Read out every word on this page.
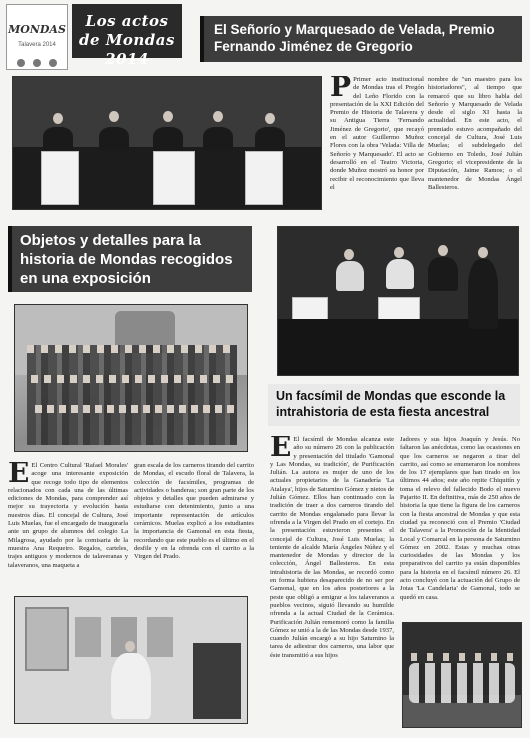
MONDAS
Talavera 2014

Los actos de Mondas 2014
El Señorío y Marquesado de Velada, Premio Fernando Jiménez de Gregorio
P Primer acto institucional de Mondas tras el Pregón del Leño Florido con la presentación de la XXI Edición del Premio de Historia de Talavera y su Antigua Tierra 'Fernando Jiménez de Gregorio', que recayó en el autor Guillermo Muñoz Flores con la obra 'Velada: Villa de Señorío y Marquesado'. El acto se desarrolló en el Teatro Victoria, donde Muñoz mostró su honor por recibir el reconocimiento que lleva el
nombre de "un maestro para los historiadores", al tiempo que remarcó que su libro habla del Señorío y Marquesado de Velada desde el siglo XI hasta la actualidad. En este acto, el premiado estuvo acompañado del concejal de Cultura, José Luis Muelas; el subdelegado del Gobierno en Toledo, José Julián Gregorio; el vicepresidente de la Diputación, Jaime Ramos; o el mantenedor de Mondas Ángel Ballesteros.
Objetos y detalles para la historia de Mondas recogidos en una exposición
Un facsímil de Mondas que esconde la intrahistoria de esta fiesta ancestral
E El Centro Cultural 'Rafael Morales' acoge una interesante exposición que recoge todo tipo de elementos relacionados con cada una de las últimas ediciones de Mondas, para comprender así mejor su trayectoria y evolución hasta nuestros días. El concejal de Cultura, José Luis Muelas, fue el encargado de inaugurarla ante un grupo de alumnos del colegio La Milagrosa, ayudado por la comisaria de la muestra Ana Requeiro. Regalos, carteles, trajes antiguos y modernos de talaveranas y talaveranos, una maqueta a
gran escala de los carneros tirando del carrito de Mondas, el escudo floral de Talavera, la colección de facsímiles, programas de actividades o banderas; son gran parte de los objetos y detalles que pueden admirarse y estudiarse con detenimiento, junto a una importante representación de artículos cerámicos. Muelas explicó a los estudiantes la importancia de Gamonal en esta fiesta, recordando que este pueblo es el último en el desfile y en la ofrenda con el carrito a la Virgen del Prado.
E El facsímil de Mondas alcanza este año su número 26 con la publicación y presentación del titulado 'Gamonal y Las Mondas, su tradición', de Purificación Julián. La autora es mujer de uno de los actuales propietarios de la Ganadería 'La Atalaya', hijos de Saturnino Gómez y nietos de Julián Gómez. Ellos han continuado con la tradición de traer a dos carneros tirando del carrito de Mondas engalanado para llevar la ofrenda a la Virgen del Prado en el cortejo. En la presentación estuvieron presentes el concejal de Cultura, José Luis Muelas; la teniente de alcalde María Ángeles Núñez y el mantenedor de Mondas y director de la colección, Ángel Ballesteros. En esta intrahistoria de las Mondas, se recordó como en forma hubiera desaparecido de no ser por Gamonal, que en los años posteriores a la peste que obligó a emigrar a los talaveranos a pueblos vecinos, siguió llevando su humilde ofrenda a la actual Ciudad de la Cerámica. Purificación Julián rememoró como la familia Gómez se unió a la de las Mondas desde 1937, cuando Julián encargó a su hijo Saturnino la tarea de adiestrar dos carneros, una labor que éste transmitió a sus hijos
Jadores y sus hijos Joaquín y Jesús. No faltaron las anécdotas, como las ocasiones en que los carneros se negaron a tirar del carrito, así como se enumeraron los nombres de los 17 ejemplares que han tirado en los últimos 44 años; este año repite Chiquitín y toma el relevo del fallecido Bodo el nuevo Pajarito II. En definitiva, más de 250 años de historia la que tiene la figura de los carneros con la fiesta ancestral de Mondas y que esta ciudad ya reconoció con el Premio 'Ciudad de Talavera' a la Promoción de la Identidad Local y Comarcal en la persona de Saturnino Gómez en 2002. Estas y muchas otras curiosidades de las Mondas y los preparativos del carrito ya están disponibles para la historia en el facsímil número 26. El acto concluyó con la actuación del Grupo de Jotas 'La Candelaria' de Gamonal, todo se quedó en casa.
